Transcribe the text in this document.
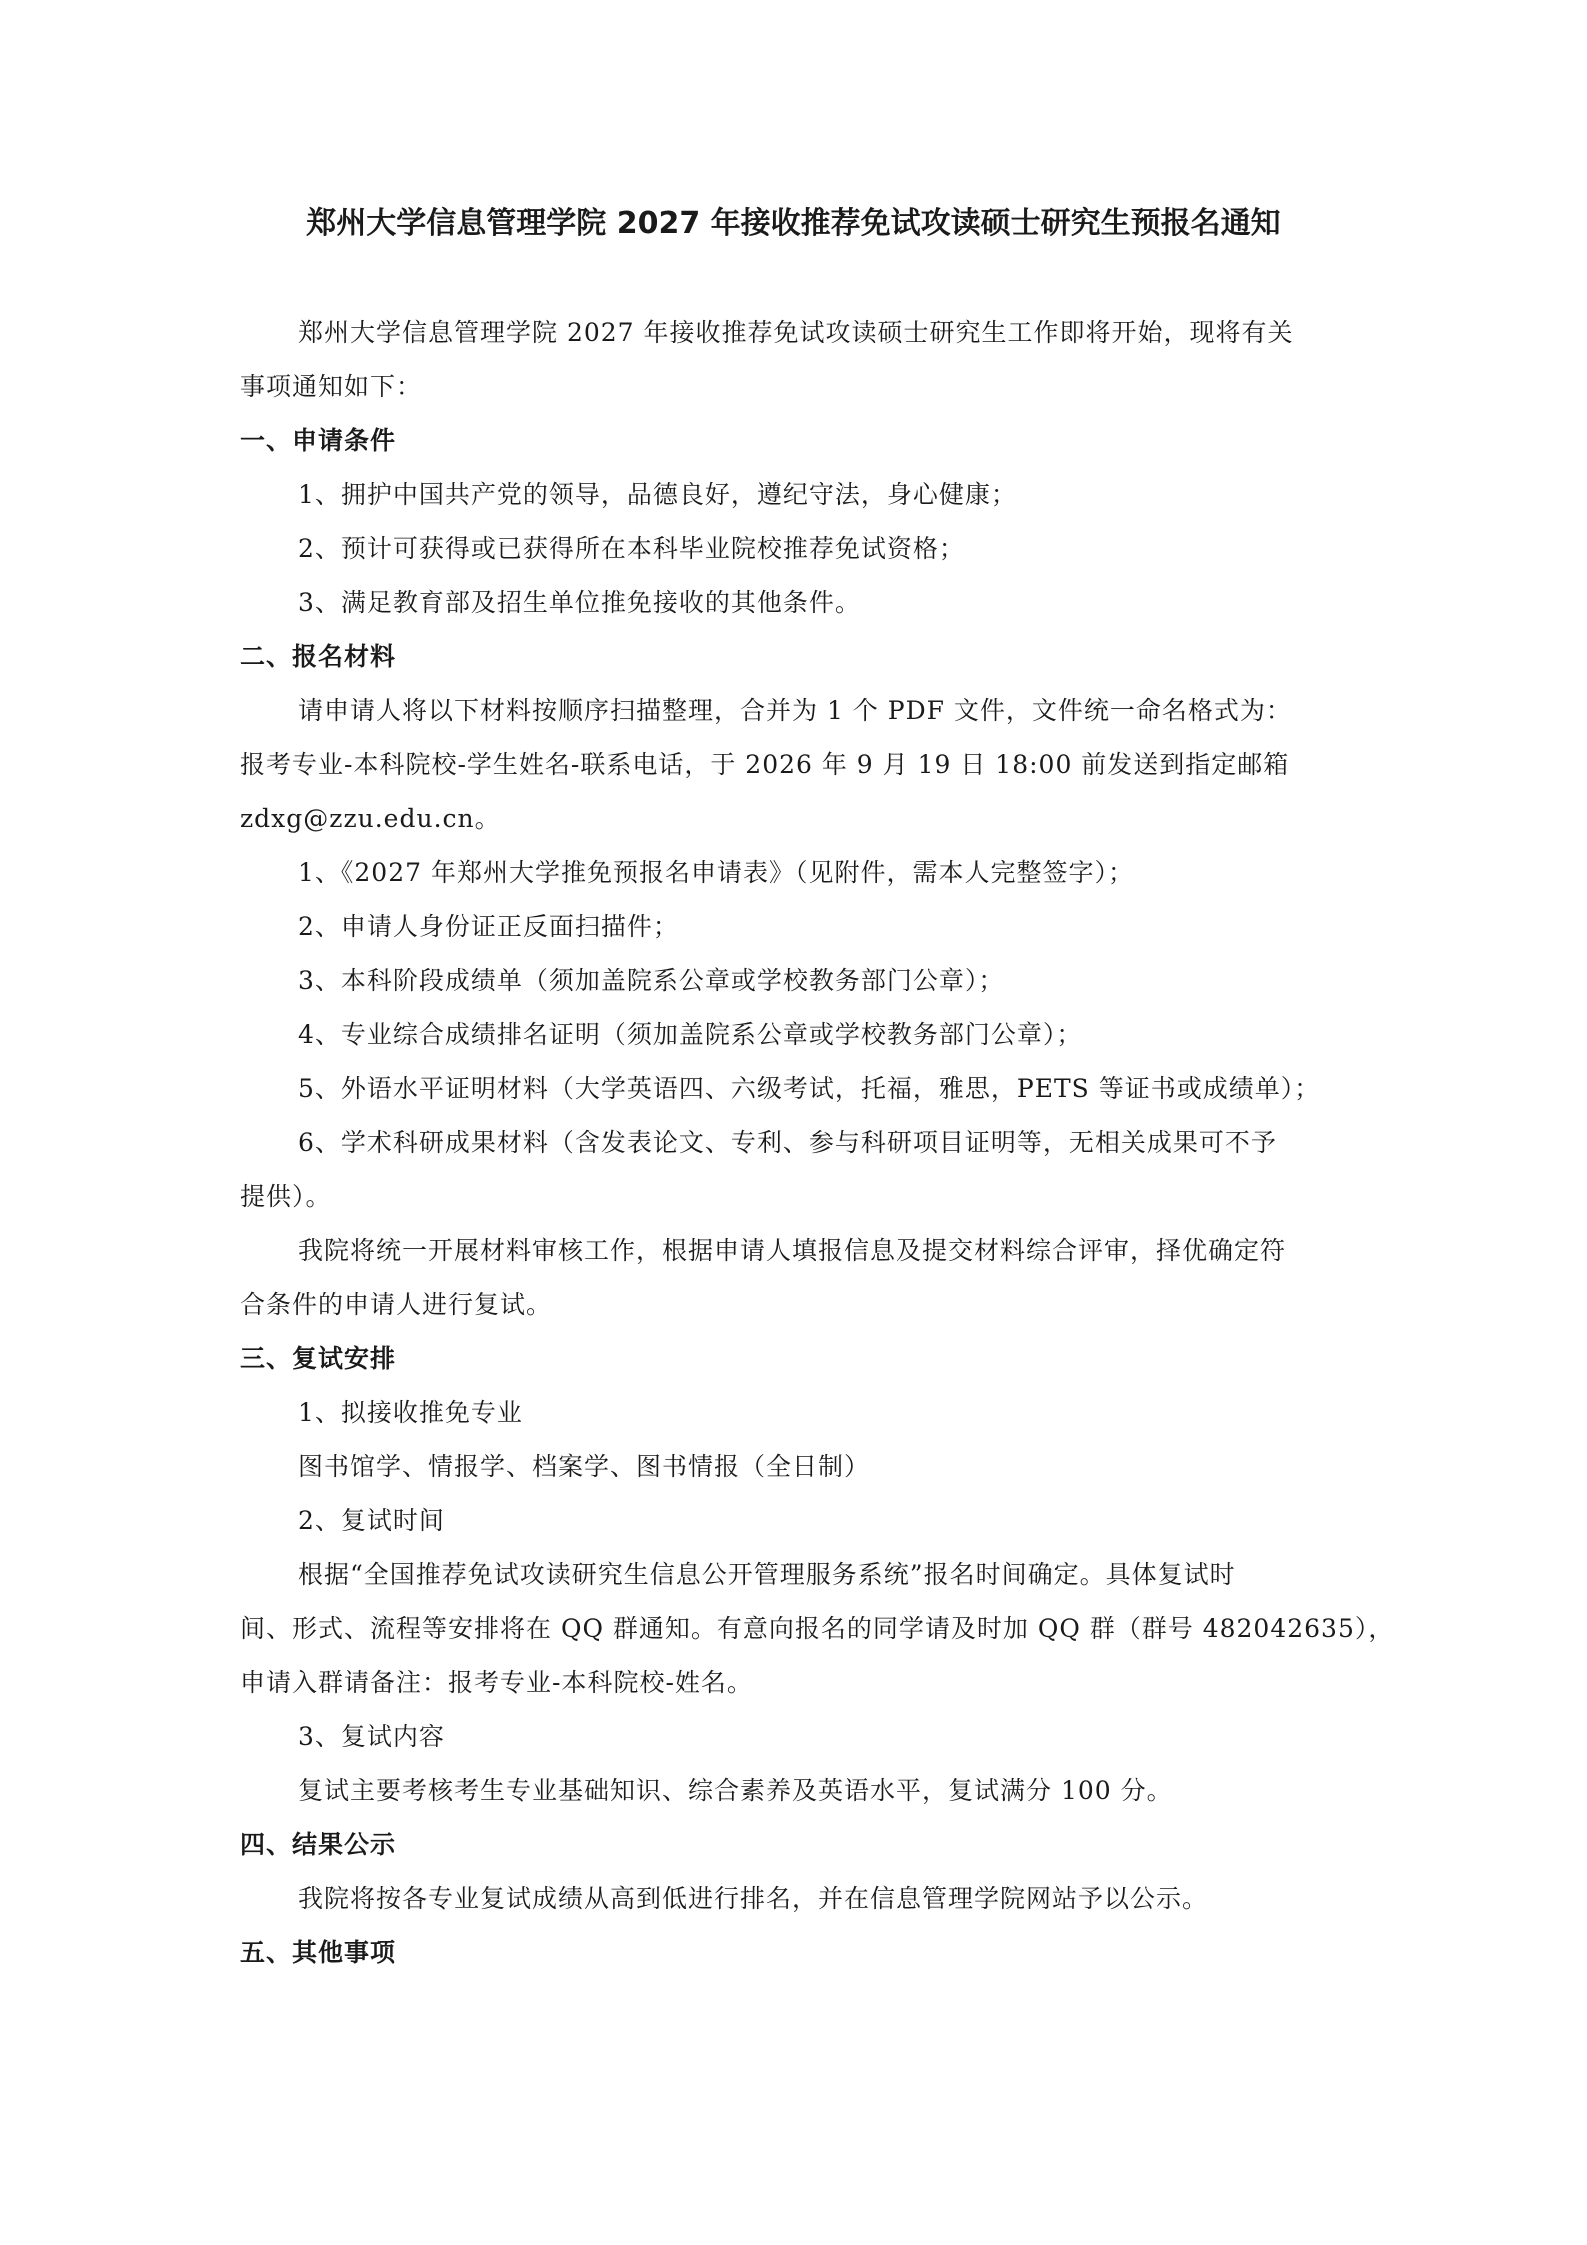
郑州大学信息管理学院 2027 年接收推荐免试攻读硕士研究生预报名通知
郑州大学信息管理学院 2027 年接收推荐免试攻读硕士研究生工作即将开始，现将有关
事项通知如下：
一、申请条件
1、拥护中国共产党的领导，品德良好，遵纪守法，身心健康；
2、预计可获得或已获得所在本科毕业院校推荐免试资格；
3、满足教育部及招生单位推免接收的其他条件。
二、报名材料
请申请人将以下材料按顺序扫描整理，合并为 1 个 PDF 文件，文件统一命名格式为：
报考专业-本科院校-学生姓名-联系电话，于 2026 年 9 月 19 日 18:00 前发送到指定邮箱
zdxg@zzu.edu.cn。
1、《2027 年郑州大学推免预报名申请表》（见附件，需本人完整签字）；
2、申请人身份证正反面扫描件；
3、本科阶段成绩单（须加盖院系公章或学校教务部门公章）；
4、专业综合成绩排名证明（须加盖院系公章或学校教务部门公章）；
5、外语水平证明材料（大学英语四、六级考试，托福，雅思，PETS 等证书或成绩单）；
6、学术科研成果材料（含发表论文、专利、参与科研项目证明等，无相关成果可不予
提供）。
我院将统一开展材料审核工作，根据申请人填报信息及提交材料综合评审，择优确定符
合条件的申请人进行复试。
三、复试安排
1、拟接收推免专业
图书馆学、情报学、档案学、图书情报（全日制）
2、复试时间
根据“全国推荐免试攻读研究生信息公开管理服务系统”报名时间确定。具体复试时
间、形式、流程等安排将在 QQ 群通知。有意向报名的同学请及时加 QQ 群（群号 482042635），
申请入群请备注：报考专业-本科院校-姓名。
3、复试内容
复试主要考核考生专业基础知识、综合素养及英语水平，复试满分 100 分。
四、结果公示
我院将按各专业复试成绩从高到低进行排名，并在信息管理学院网站予以公示。
五、其他事项
